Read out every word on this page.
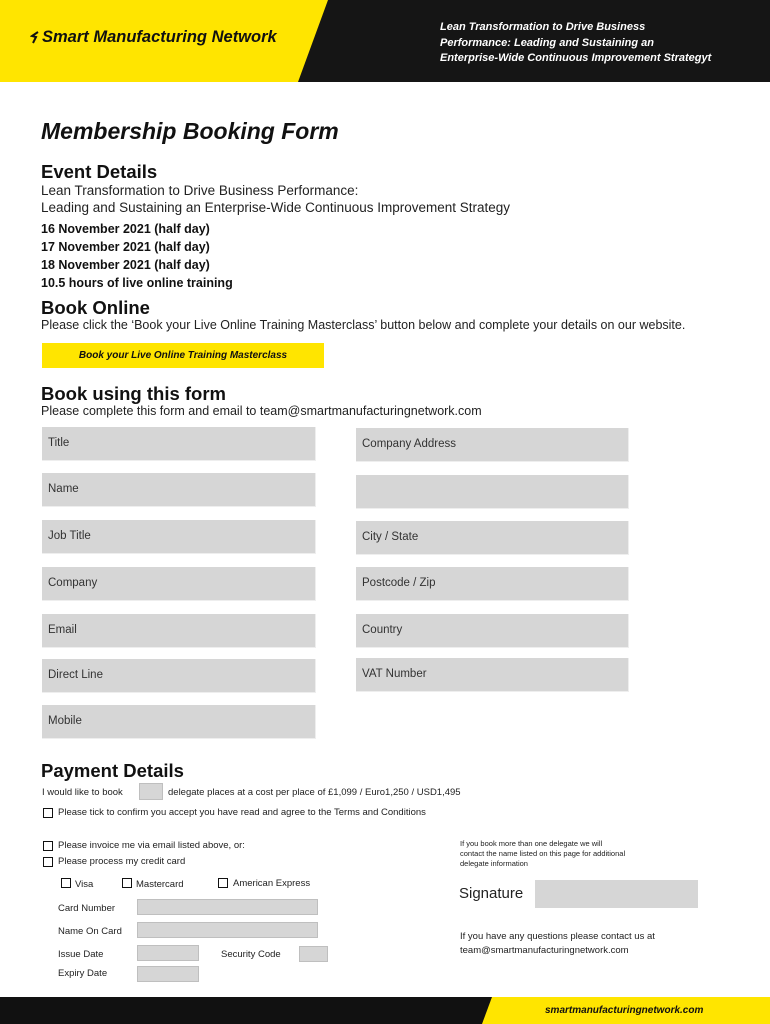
Smart Manufacturing Network
Lean Transformation to Drive Business
Performance: Leading and Sustaining an
Enterprise-Wide Continuous Improvement Strategyt
Membership Booking Form
Event Details
Lean Transformation to Drive Business Performance:
Leading and Sustaining an Enterprise-Wide Continuous Improvement Strategy
16 November 2021 (half day)
17 November 2021 (half day)
18 November 2021 (half day)
10.5 hours of live online training
Book Online
Please click the ‘Book your Live Online Training Masterclass’ button below and complete your details on our website.
Book your Live Online Training Masterclass
Book using this form
Please complete this form and email to team@smartmanufacturingnetwork.com
Title
Name
Job Title
Company
Email
Direct Line
Mobile
Company Address
City / State
Postcode / Zip
Country
VAT Number
Payment Details
I would like to book	delegate places at a cost per place of £1,099 / Euro1,250 / USD1,495
Please tick to confirm you accept you have read and agree to the Terms and Conditions
Please invoice me via email listed above, or:
Please process my credit card
Visa	Mastercard	American Express
Card Number
Name On Card
Issue Date	Security Code
Expiry Date
If you book more than one delegate we will
contact the name listed on this page for additional
delegate information
Signature
If you have any questions please contact us at
team@smartmanufacturingnetwork.com
smartmanufacturingnetwork.com
